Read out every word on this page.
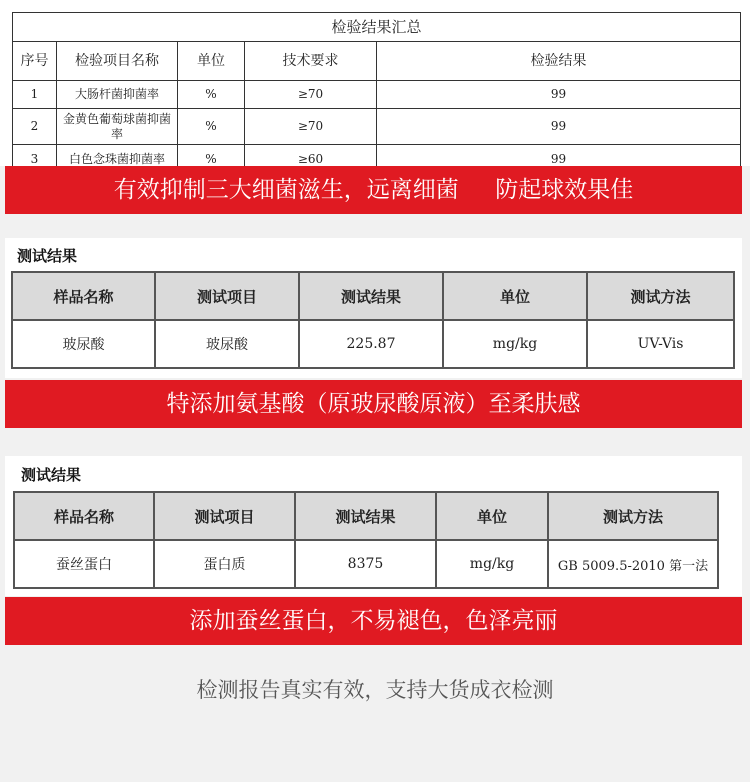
检验结果汇总				
序号	检验项目名称	单位	技术要求	检验结果
1	大肠杆菌抑菌率	%	≥70	99
2	金黄色葡萄球菌抑菌率	%	≥70	99
3	白色念珠菌抑菌率	%	≥60	99
有效抑制三大细菌滋生，远离细菌     防起球效果佳
测试结果
样品名称	测试项目	测试结果	单位	测试方法
玻尿酸	玻尿酸	225.87	mg/kg	UV-Vis
特添加氨基酸（原玻尿酸原液）至柔肤感
测试结果
样品名称	测试项目	测试结果	单位	测试方法
蚕丝蛋白	蛋白质	8375	mg/kg	GB 5009.5-2010 第一法
添加蚕丝蛋白，不易褪色，色泽亮丽
检测报告真实有效，支持大货成衣检测
